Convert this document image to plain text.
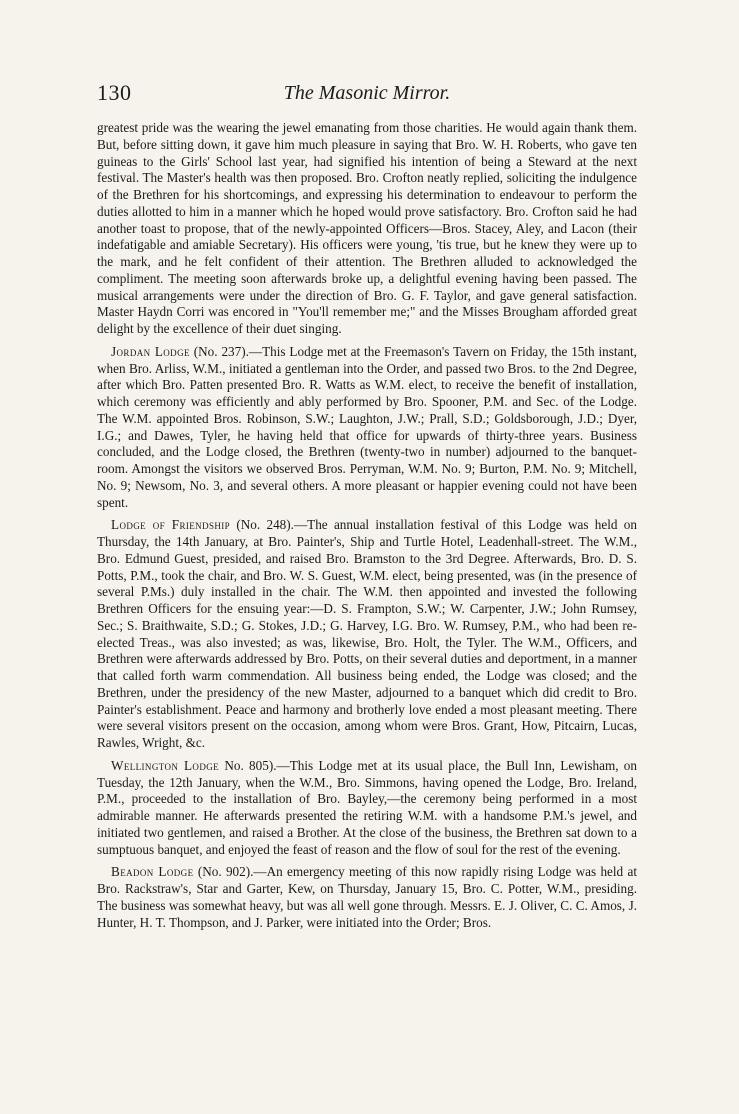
130	The Masonic Mirror.

greatest pride was the wearing the jewel emanating from those charities. He would again thank them. But, before sitting down, it gave him much pleasure in saying that Bro. W. H. Roberts, who gave ten guineas to the Girls' School last year, had signified his intention of being a Steward at the next festival. The Master's health was then proposed. Bro. Crofton neatly replied, soliciting the indulgence of the Brethren for his shortcomings, and expressing his determination to endeavour to perform the duties allotted to him in a manner which he hoped would prove satisfactory. Bro. Crofton said he had another toast to propose, that of the newly-appointed Officers—Bros. Stacey, Aley, and Lacon (their indefatigable and amiable Secretary). His officers were young, 'tis true, but he knew they were up to the mark, and he felt confident of their attention. The Brethren alluded to acknowledged the compliment. The meeting soon afterwards broke up, a delightful evening having been passed. The musical arrangements were under the direction of Bro. G. F. Taylor, and gave general satisfaction. Master Haydn Corri was encored in "You'll remember me;" and the Misses Brougham afforded great delight by the excellence of their duet singing.

Jordan Lodge (No. 237).—This Lodge met at the Freemason's Tavern on Friday, the 15th instant, when Bro. Arliss, W.M., initiated a gentleman into the Order, and passed two Bros. to the 2nd Degree, after which Bro. Patten presented Bro. R. Watts as W.M. elect, to receive the benefit of installation, which ceremony was efficiently and ably performed by Bro. Spooner, P.M. and Sec. of the Lodge. The W.M. appointed Bros. Robinson, S.W.; Laughton, J.W.; Prall, S.D.; Goldsborough, J.D.; Dyer, I.G.; and Dawes, Tyler, he having held that office for upwards of thirty-three years. Business concluded, and the Lodge closed, the Brethren (twenty-two in number) adjourned to the banquet-room. Amongst the visitors we observed Bros. Perryman, W.M. No. 9; Burton, P.M. No. 9; Mitchell, No. 9; Newsom, No. 3, and several others. A more pleasant or happier evening could not have been spent.

Lodge of Friendship (No. 248).—The annual installation festival of this Lodge was held on Thursday, the 14th January, at Bro. Painter's, Ship and Turtle Hotel, Leadenhall-street. The W.M., Bro. Edmund Guest, presided, and raised Bro. Bramston to the 3rd Degree. Afterwards, Bro. D. S. Potts, P.M., took the chair, and Bro. W. S. Guest, W.M. elect, being presented, was (in the presence of several P.Ms.) duly installed in the chair. The W.M. then appointed and invested the following Brethren Officers for the ensuing year:—D. S. Frampton, S.W.; W. Carpenter, J.W.; John Rumsey, Sec.; S. Braithwaite, S.D.; G. Stokes, J.D.; G. Harvey, I.G. Bro. W. Rumsey, P.M., who had been re-elected Treas., was also invested; as was, likewise, Bro. Holt, the Tyler. The W.M., Officers, and Brethren were afterwards addressed by Bro. Potts, on their several duties and deportment, in a manner that called forth warm commendation. All business being ended, the Lodge was closed; and the Brethren, under the presidency of the new Master, adjourned to a banquet which did credit to Bro. Painter's establishment. Peace and harmony and brotherly love ended a most pleasant meeting. There were several visitors present on the occasion, among whom were Bros. Grant, How, Pitcairn, Lucas, Rawles, Wright, &c.

Wellington Lodge No. 805).—This Lodge met at its usual place, the Bull Inn, Lewisham, on Tuesday, the 12th January, when the W.M., Bro. Simmons, having opened the Lodge, Bro. Ireland, P.M., proceeded to the installation of Bro. Bayley,—the ceremony being performed in a most admirable manner. He afterwards presented the retiring W.M. with a handsome P.M.'s jewel, and initiated two gentlemen, and raised a Brother. At the close of the business, the Brethren sat down to a sumptuous banquet, and enjoyed the feast of reason and the flow of soul for the rest of the evening.

Beadon Lodge (No. 902).—An emergency meeting of this now rapidly rising Lodge was held at Bro. Rackstraw's, Star and Garter, Kew, on Thursday, January 15, Bro. C. Potter, W.M., presiding. The business was somewhat heavy, but was all well gone through. Messrs. E. J. Oliver, C. C. Amos, J. Hunter, H. T. Thompson, and J. Parker, were initiated into the Order; Bros.
